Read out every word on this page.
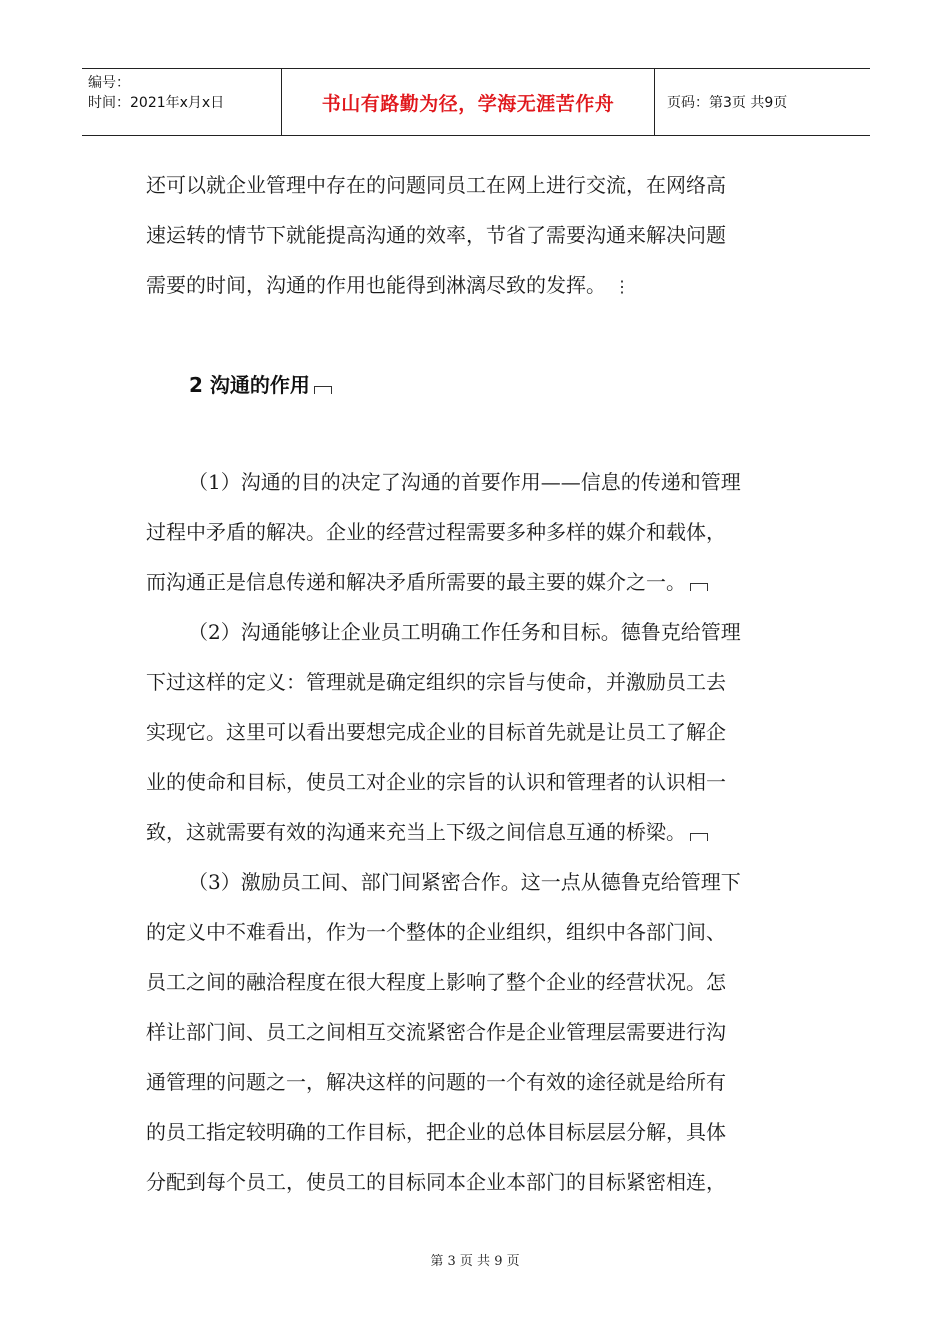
编号：
时间：2021年x月x日	书山有路勤为径，学海无涯苦作舟	页码：第3页 共9页
还可以就企业管理中存在的问题同员工在网上进行交流，在网络高
速运转的情节下就能提高沟通的效率，节省了需要沟通来解决问题
需要的时间，沟通的作用也能得到淋漓尽致的发挥。 ⋮
2 沟通的作用
（1）沟通的目的决定了沟通的首要作用——信息的传递和管理
过程中矛盾的解决。企业的经营过程需要多种多样的媒介和载体，
而沟通正是信息传递和解决矛盾所需要的最主要的媒介之一。
（2）沟通能够让企业员工明确工作任务和目标。德鲁克给管理
下过这样的定义：管理就是确定组织的宗旨与使命，并激励员工去
实现它。这里可以看出要想完成企业的目标首先就是让员工了解企
业的使命和目标，使员工对企业的宗旨的认识和管理者的认识相一
致，这就需要有效的沟通来充当上下级之间信息互通的桥梁。
（3）激励员工间、部门间紧密合作。这一点从德鲁克给管理下
的定义中不难看出，作为一个整体的企业组织，组织中各部门间、
员工之间的融洽程度在很大程度上影响了整个企业的经营状况。怎
样让部门间、员工之间相互交流紧密合作是企业管理层需要进行沟
通管理的问题之一，解决这样的问题的一个有效的途径就是给所有
的员工指定较明确的工作目标，把企业的总体目标层层分解，具体
分配到每个员工，使员工的目标同本企业本部门的目标紧密相连，
第 3 页 共 9 页
